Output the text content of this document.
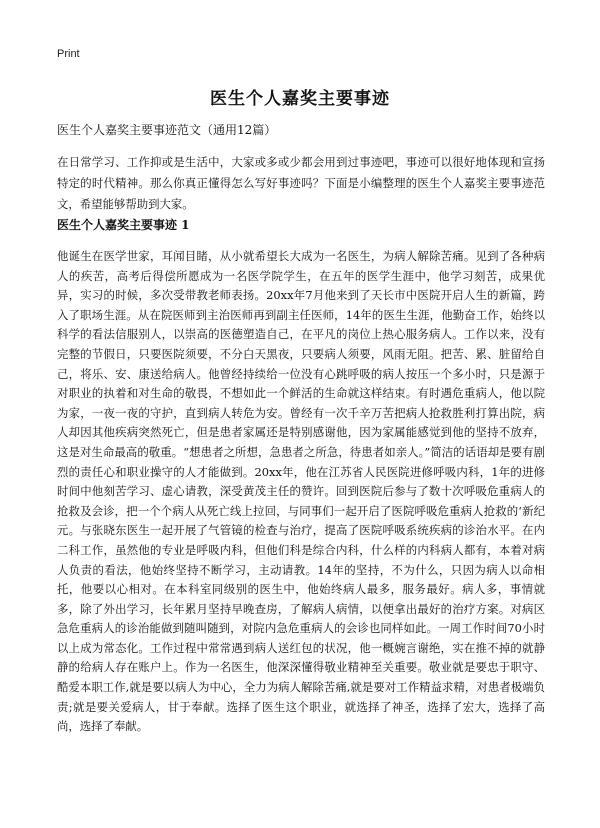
Print
医生个人嘉奖主要事迹

医生个人嘉奖主要事迹范文（通用12篇）

在日常学习、工作抑或是生活中，大家或多或少都会用到过事迹吧，事迹可以很好地体现和宣扬特定的时代精神。那么你真正懂得怎么写好事迹吗？下面是小编整理的医生个人嘉奖主要事迹范文，希望能够帮助到大家。

医生个人嘉奖主要事迹 1

他诞生在医学世家，耳闻目睹，从小就希望长大成为一名医生，为病人解除苦痛。见到了各种病人的疾苦，高考后得偿所愿成为一名医学院学生，在五年的医学生涯中，他学习刻苦，成果优异，实习的时候，多次受带教老师表扬。20xx年7月他来到了天长市中医院开启人生的新篇，跨入了职场生涯。从在院医师到主治医师再到副主任医师，14年的医生生涯，他勤奋工作，始终以科学的看法信服别人，以崇高的医德塑造自己，在平凡的岗位上热心服务病人。工作以来，没有完整的节假日，只要医院须要，不分白天黑夜，只要病人须要，风雨无阻。把苦、累、脏留给自己，将乐、安、康送给病人。他曾经持续给一位没有心跳呼吸的病人按压一个多小时，只是源于对职业的执着和对生命的敬畏，不想如此一个鲜活的生命就这样结束。有时遇危重病人，他以院为家，一夜一夜的守护，直到病人转危为安。曾经有一次千辛万苦把病人抢救胜利打算出院，病人却因其他疾病突然死亡，但是患者家属还是特别感谢他，因为家属能感觉到他的坚持不放弃，这是对生命最高的敬重。“想患者之所想，急患者之所急，待患者如亲人。”简洁的话语却是要有剧烈的责任心和职业操守的人才能做到。20xx年，他在江苏省人民医院进修呼吸内科，1年的进修时间中他刻苦学习、虚心请教，深受黄茂主任的赞许。回到医院后参与了数十次呼吸危重病人的抢救及会诊，把一个个病人从死亡线上拉回，与同事们一起开启了医院呼吸危重病人抢救的‘新纪元。与张晓东医生一起开展了气管镜的检查与治疗，提高了医院呼吸系统疾病的诊治水平。在内二科工作，虽然他的专业是呼吸内科，但他们科是综合内科，什么样的内科病人都有，本着对病人负责的看法，他始终坚持不断学习，主动请教。14年的坚持，不为什么，只因为病人以命相托，他要以心相对。在本科室同级别的医生中，他始终病人最多，服务最好。病人多，事情就多，除了外出学习，长年累月坚持早晚查房，了解病人病情，以便拿出最好的治疗方案。对病区急危重病人的诊治能做到随叫随到，对院内急危重病人的会诊也同样如此。一周工作时间70小时以上成为常态化。工作过程中常常遇到病人送红包的状况，他一概婉言谢绝，实在推不掉的就静静的给病人存在账户上。作为一名医生，他深深懂得敬业精神至关重要。敬业就是要忠于职守、酷爱本职工作,就是要以病人为中心，全力为病人解除苦痛,就是要对工作精益求精，对患者极端负责;就是要关爱病人，甘于奉献。选择了医生这个职业，就选择了神圣，选择了宏大，选择了高尚，选择了奉献。
